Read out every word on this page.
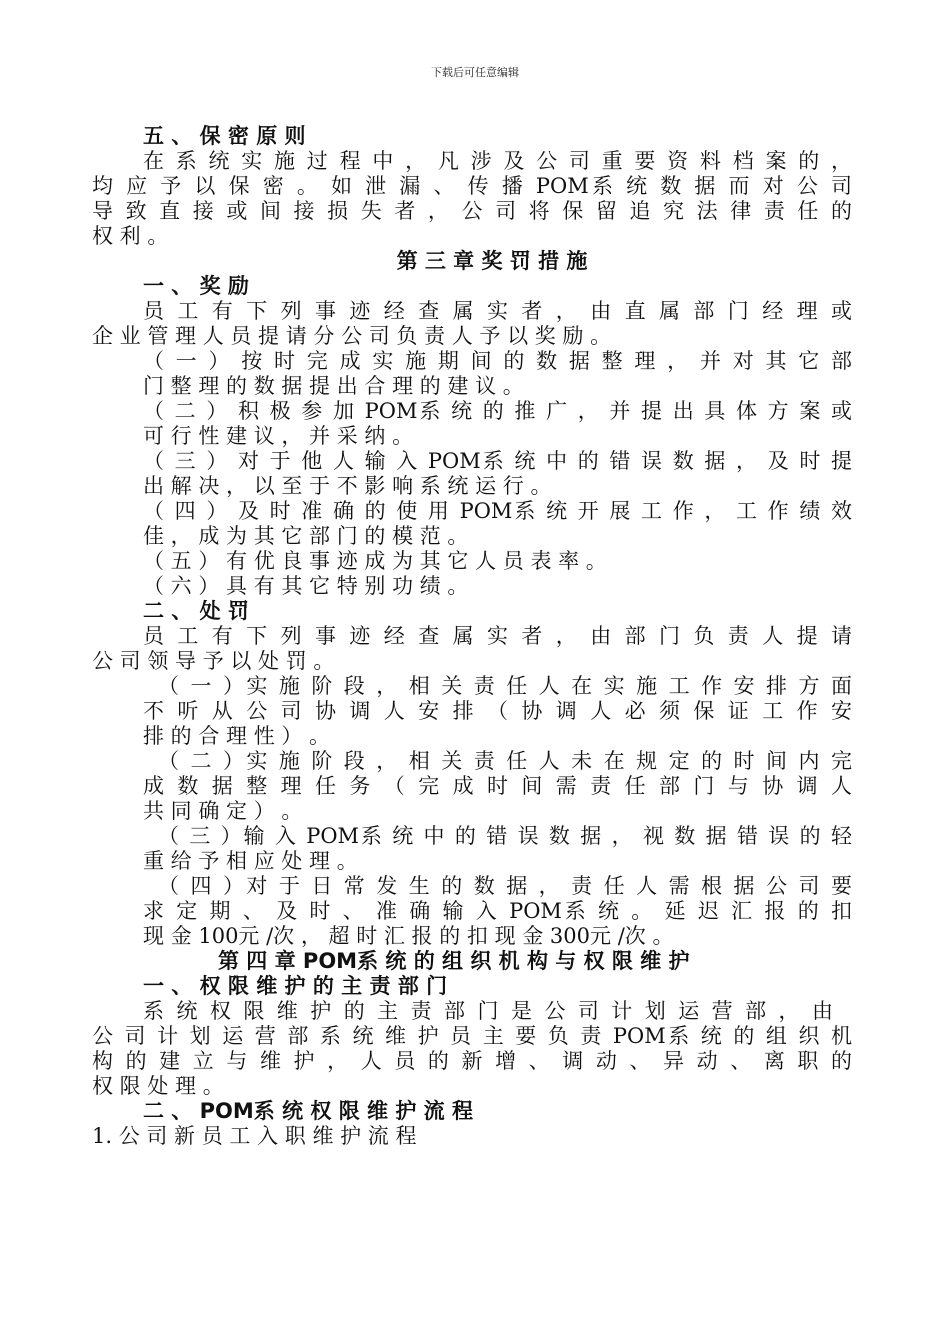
下载后可任意编辑
五 、 保 密 原 则
在 系 统 实 施 过 程 中 ， 凡 涉 及 公 司 重 要 资 料 档 案 的 ，
均 应 予 以 保 密 。 如 泄 漏 、 传 播 POM系 统 数 据 而 对 公 司
导 致 直 接 或 间 接 损 失 者 ， 公 司 将 保 留 追 究 法 律 责 任 的
权 利 。
第 三 章 奖 罚 措 施
一 、 奖 励
员 工 有 下 列 事 迹 经 查 属 实 者 ， 由 直 属 部 门 经 理 或
企 业 管 理 人 员 提 请 分 公 司 负 责 人 予 以 奖 励 。
（ 一 ） 按 时 完 成 实 施 期 间 的 数 据 整 理 ， 并 对 其 它 部
门 整 理 的 数 据 提 出 合 理 的 建 议 。
（ 二 ） 积 极 参 加 POM系 统 的 推 广 ， 并 提 出 具 体 方 案 或
可 行 性 建 议 ， 并 采 纳 。
（ 三 ） 对 于 他 人 输 入 POM系 统 中 的 错 误 数 据 ， 及 时 提
出 解 决 ， 以 至 于 不 影 响 系 统 运 行 。
（ 四 ） 及 时 准 确 的 使 用 POM系 统 开 展 工 作 ， 工 作 绩 效
佳 ， 成 为 其 它 部 门 的 模 范 。
（ 五 ） 有 优 良 事 迹 成 为 其 它 人 员 表 率 。
（ 六 ） 具 有 其 它 特 别 功 绩 。
二 、 处 罚
员 工 有 下 列 事 迹 经 查 属 实 者 ， 由 部 门 负 责 人 提 请
公 司 领 导 予 以 处 罚 。
（ 一 ）实 施 阶 段 ， 相 关 责 任 人 在 实 施 工 作 安 排 方 面
不 听 从 公 司 协 调 人 安 排 （ 协 调 人 必 须 保 证 工 作 安
排 的 合 理 性 ） 。
（ 二 ）实 施 阶 段 ， 相 关 责 任 人 未 在 规 定 的 时 间 内 完
成 数 据 整 理 任 务 （ 完 成 时 间 需 责 任 部 门 与 协 调 人
共 同 确 定 ） 。
（ 三 ）输 入 POM系 统 中 的 错 误 数 据 ， 视 数 据 错 误 的 轻
重 给 予 相 应 处 理 。
（ 四 ）对 于 日 常 发 生 的 数 据 ， 责 任 人 需 根 据 公 司 要
求 定 期 、 及 时 、 准 确 输 入 POM系 统 。 延 迟 汇 报 的 扣
现 金 100元 /次 ， 超 时 汇 报 的 扣 现 金 300元 /次 。
第 四 章 POM系 统 的 组 织 机 构 与 权 限 维 护
一 、 权 限 维 护 的 主 责 部 门
系 统 权 限 维 护 的 主 责 部 门 是 公 司 计 划 运 营 部 ， 由
公 司 计 划 运 营 部 系 统 维 护 员 主 要 负 责 POM系 统 的 组 织 机
构 的 建 立 与 维 护 ， 人 员 的 新 增 、 调 动 、 异 动 、 离 职 的
权 限 处 理 。
二 、 POM系 统 权 限 维 护 流 程
1. 公 司 新 员 工 入 职 维 护 流 程
